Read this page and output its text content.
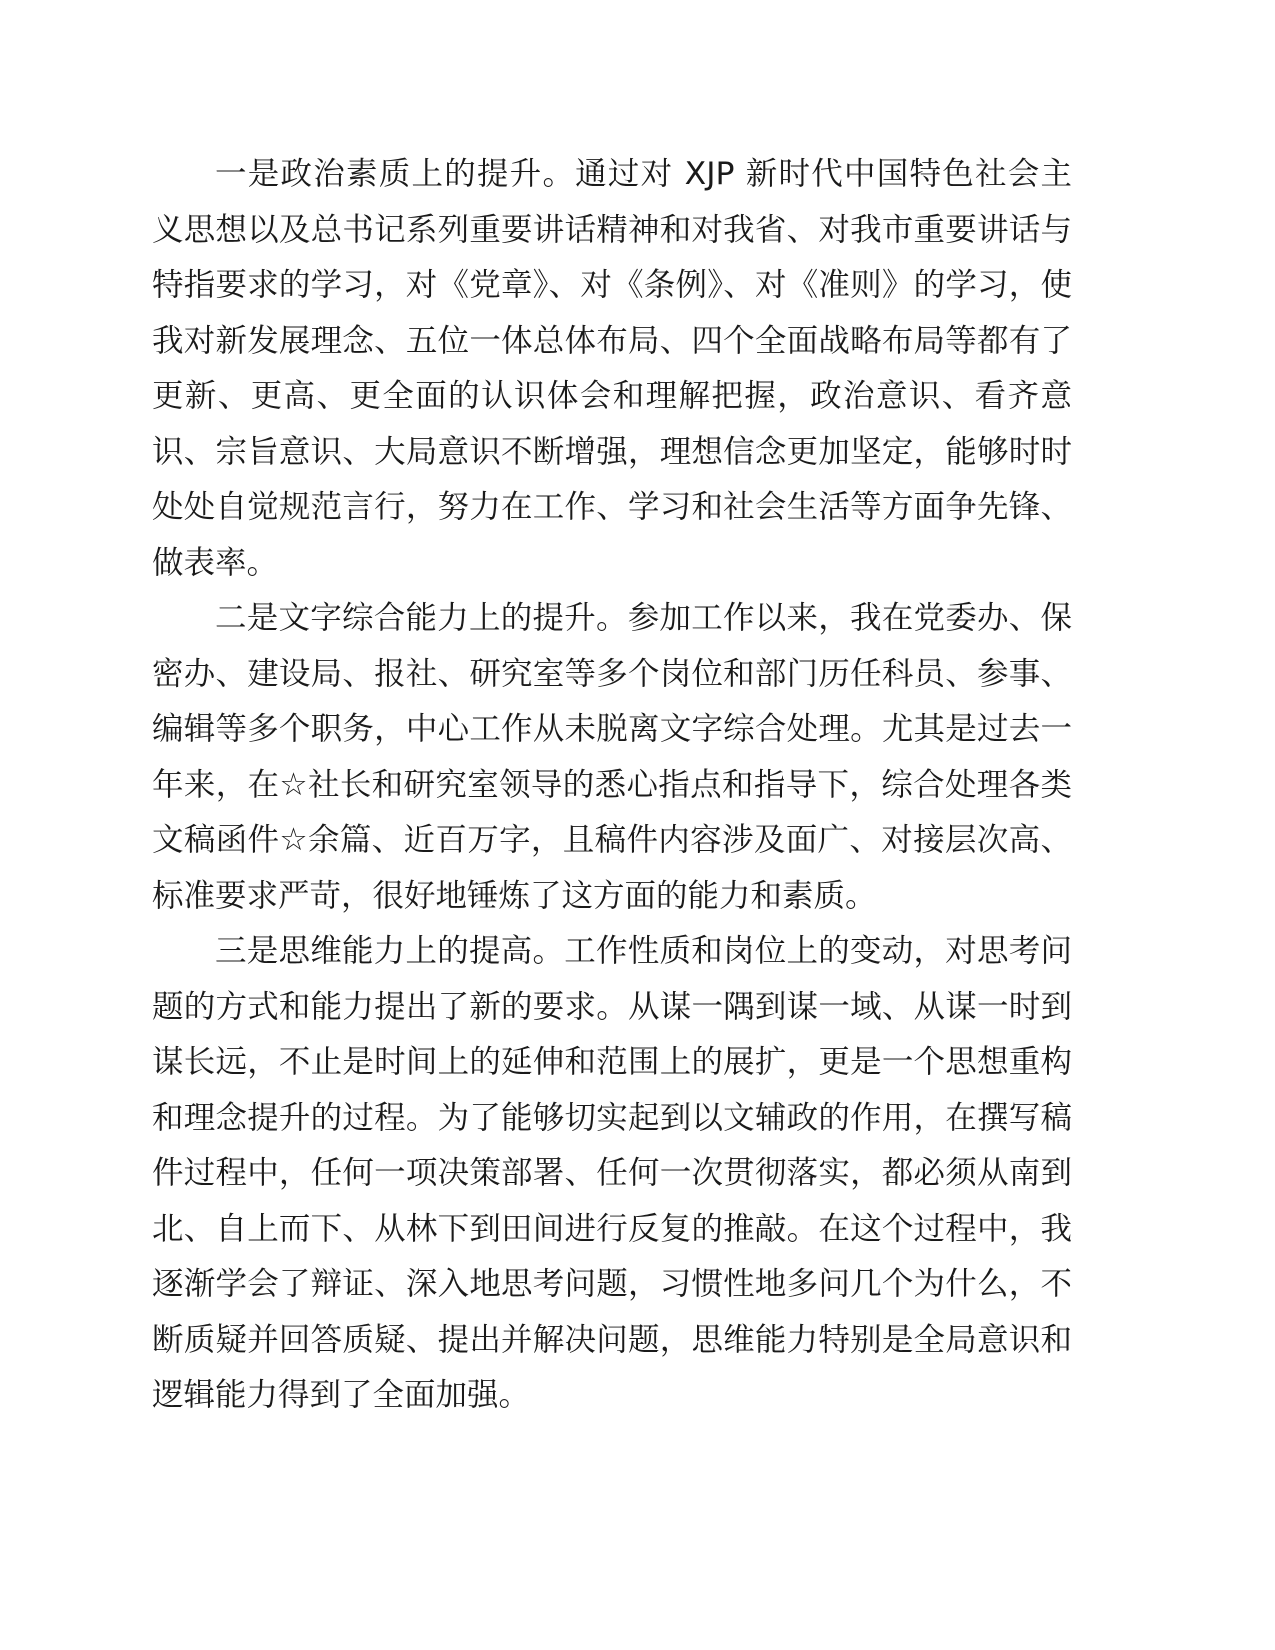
一是政治素质上的提升。通过对 XJP 新时代中国特色社会主义思想以及总书记系列重要讲话精神和对我省、对我市重要讲话与特指要求的学习，对《党章》、对《条例》、对《准则》的学习，使我对新发展理念、五位一体总体布局、四个全面战略布局等都有了更新、更高、更全面的认识体会和理解把握，政治意识、看齐意识、宗旨意识、大局意识不断增强，理想信念更加坚定，能够时时处处自觉规范言行，努力在工作、学习和社会生活等方面争先锋、做表率。

二是文字综合能力上的提升。参加工作以来，我在党委办、保密办、建设局、报社、研究室等多个岗位和部门历任科员、参事、编辑等多个职务，中心工作从未脱离文字综合处理。尤其是过去一年来，在☆社长和研究室领导的悉心指点和指导下，综合处理各类文稿函件☆余篇、近百万字，且稿件内容涉及面广、对接层次高、标准要求严苛，很好地锤炼了这方面的能力和素质。

三是思维能力上的提高。工作性质和岗位上的变动，对思考问题的方式和能力提出了新的要求。从谋一隅到谋一域、从谋一时到谋长远，不止是时间上的延伸和范围上的展扩，更是一个思想重构和理念提升的过程。为了能够切实起到以文辅政的作用，在撰写稿件过程中，任何一项决策部署、任何一次贯彻落实，都必须从南到北、自上而下、从林下到田间进行反复的推敲。在这个过程中，我逐渐学会了辩证、深入地思考问题，习惯性地多问几个为什么，不断质疑并回答质疑、提出并解决问题，思维能力特别是全局意识和逻辑能力得到了全面加强。
